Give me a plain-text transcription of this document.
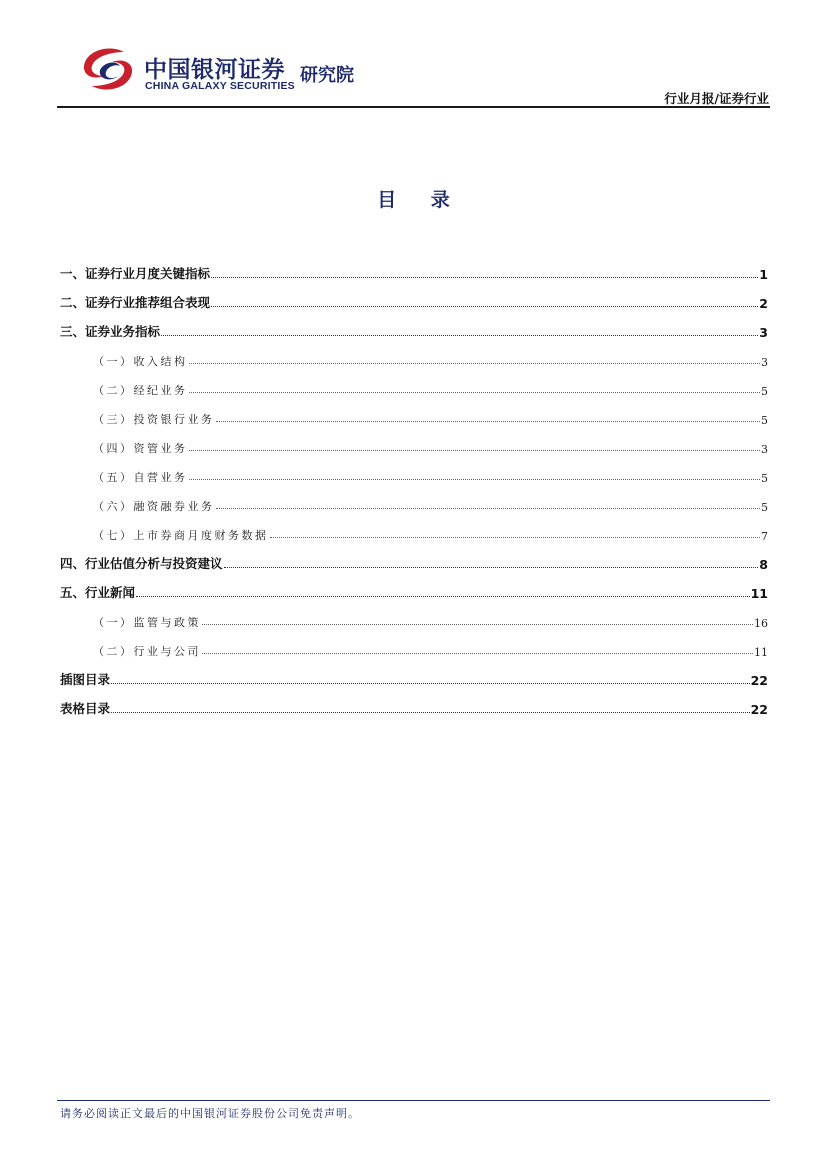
中国银河证券
CHINA GALAXY SECURITIES 研究院
行业月报/证券行业
目 录
一、证券行业月度关键指标	1
二、证券行业推荐组合表现	2
三、证券业务指标	3
（一）收入结构	3
（二）经纪业务	5
（三）投资银行业务	5
（四）资管业务	3
（五）自营业务	5
（六）融资融券业务	5
（七）上市券商月度财务数据	7
四、行业估值分析与投资建议	8
五、行业新闻	11
（一）监管与政策	16
（二）行业与公司	11
插图目录	22
表格目录	22
请务必阅读正文最后的中国银河证券股份公司免责声明。
